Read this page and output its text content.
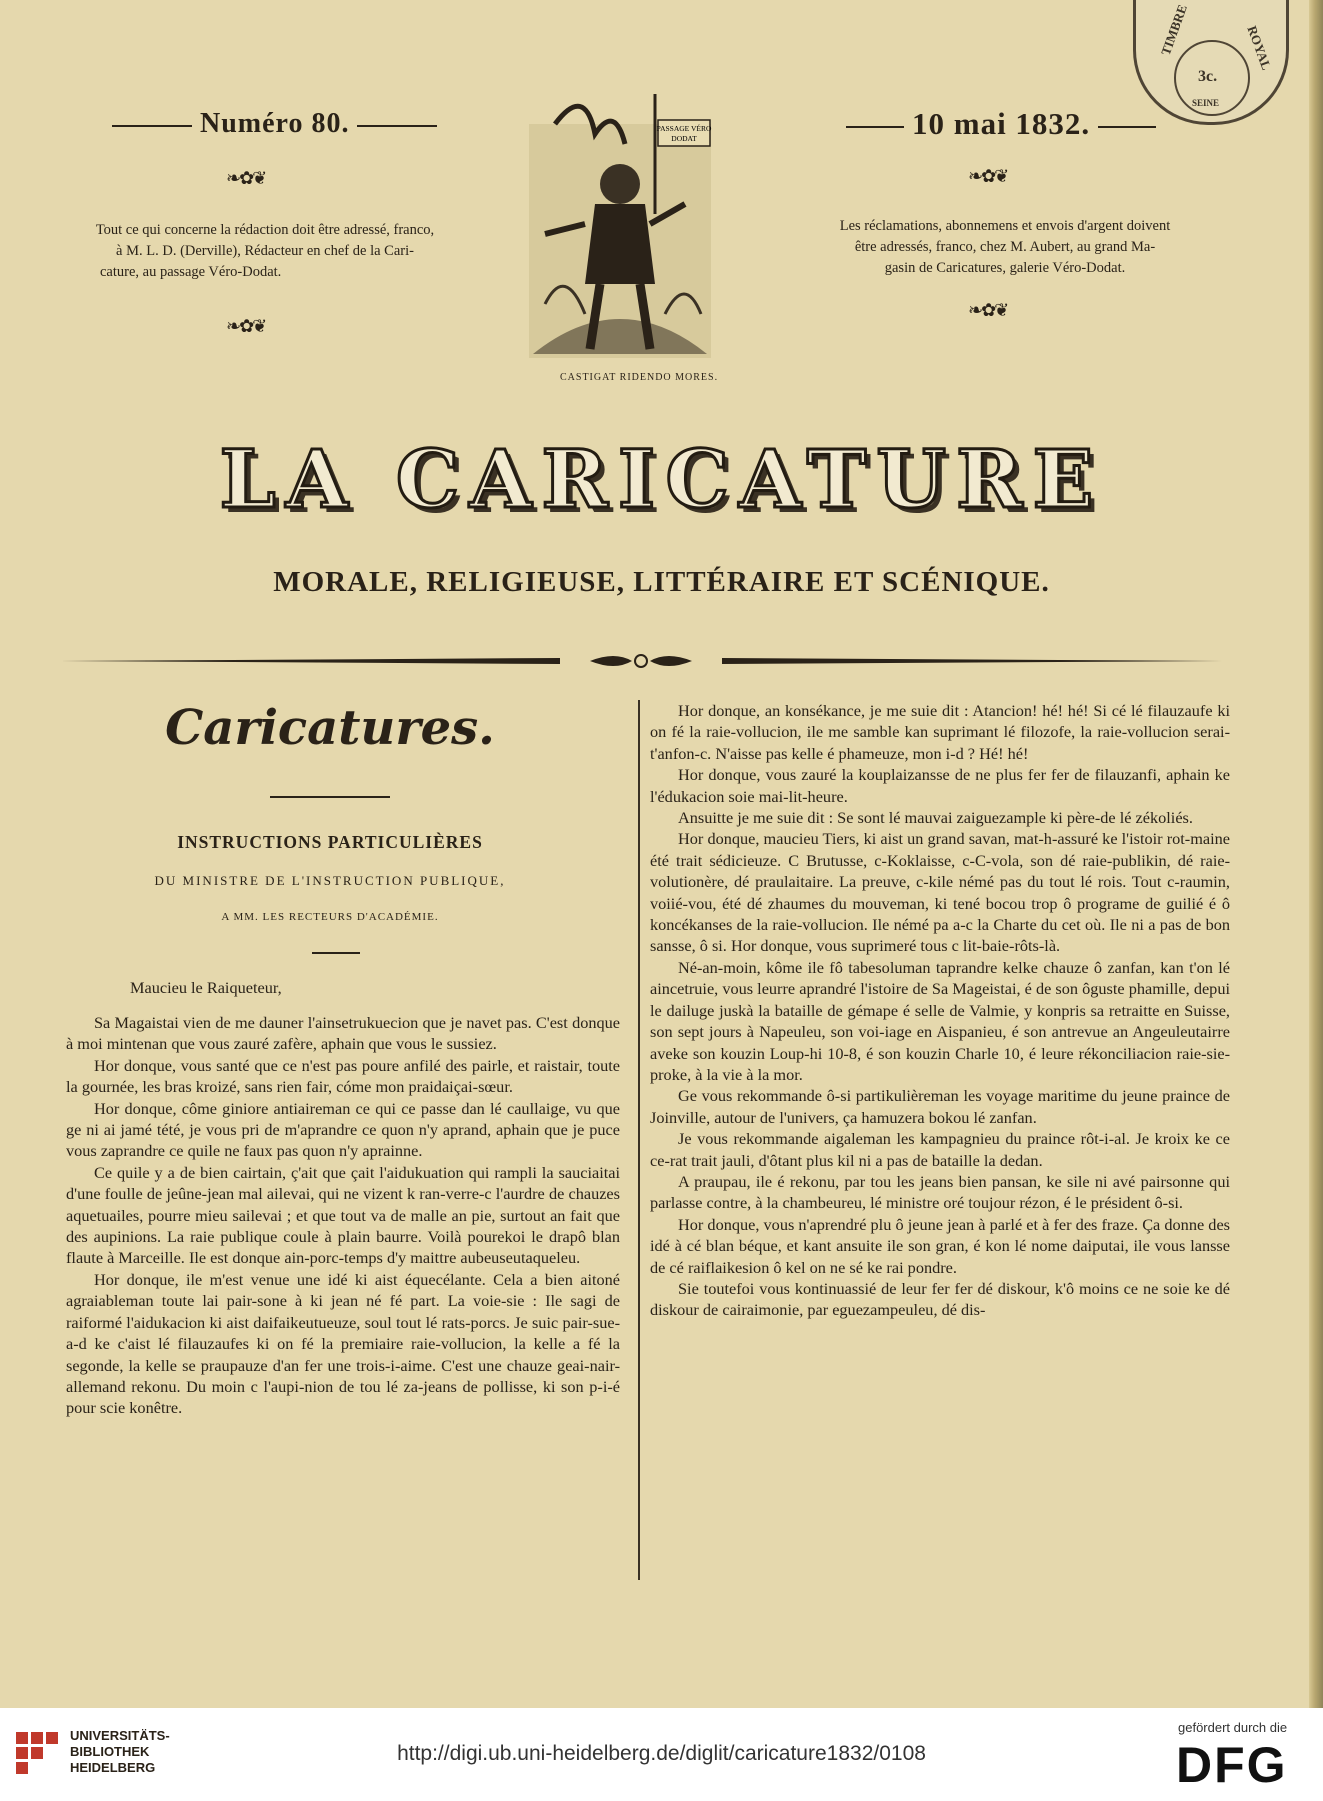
TIMBRE	ROYAL
3c.
SEINE
Numéro 80.	10 mai 1832.
❧✿❦	❧✿❦
Tout ce qui concerne la rédaction doit être adressé, franco,
à M. L. D. (Derville), Rédacteur en chef de la Cari-
cature, au passage Véro-Dodat.
Les réclamations, abonnemens et envois d'argent doivent
être adressés, franco, chez M. Aubert, au grand Ma-
gasin de Caricatures, galerie Véro-Dodat.
❧✿❦
❧✿❦
PASSAGE VÉRO
DODAT
CASTIGAT RIDENDO MORES.
LA CARICATURE
MORALE, RELIGIEUSE, LITTÉRAIRE ET SCÉNIQUE.
Caricatures.
INSTRUCTIONS PARTICULIÈRES
DU MINISTRE DE L'INSTRUCTION PUBLIQUE,
A MM. LES RECTEURS D'ACADÉMIE.
Maucieu le Raiqueteur,

Sa Magaistai vien de me dauner l'ainsetrukuecion que je navet pas. C'est donque à moi mintenan que vous zauré zafère, aphain que vous le sussiez.

Hor donque, vous santé que ce n'est pas poure anfilé des pairle, et raistair, toute la gournée, les bras kroizé, sans rien fair, cóme mon praidaiçai-sœur.

Hor donque, côme giniore antiaireman ce qui ce passe dan lé caullaige, vu que ge ni ai jamé tété, je vous pri de m'aprandre ce quon n'y aprand, aphain que je puce vous zaprandre ce quile ne faux pas quon n'y aprainne.

Ce quile y a de bien cairtain, ç'ait que çait l'aidukuation qui rampli la sauciaitai d'une foulle de jeûne-jean mal ailevai, qui ne vizent k ran-verre-c l'aurdre de chauzes aquetuailes, pourre mieu sailevai ; et que tout va de malle an pie, surtout an fait que des aupinions. La raie publique coule à plain baurre. Voilà pourekoi le drapô blan flaute à Marceille. Ile est donque ain-porc-temps d'y maittre aubeuseutaqueleu.

Hor donque, ile m'est venue une idé ki aist équecélante. Cela a bien aitoné agraiableman toute lai pair-sone à ki jean né fé part. La voie-sie : Ile sagi de raiformé l'aidukacion ki aist daifaikeutueuze, soul tout lé rats-porcs. Je suic pair-sue-a-d ke c'aist lé filauzaufes ki on fé la premiaire raie-vollucion, la kelle a fé la segonde, la kelle se praupauze d'an fer une trois-i-aime. C'est une chauze geai-nair-allemand rekonu. Du moin c l'aupi-nion de tou lé za-jeans de pollisse, ki son p-i-é pour scie konêtre.

Hor donque, an konsékance, je me suie dit : Atancion! hé! hé! Si cé lé filauzaufe ki on fé la raie-vollucion, ile me samble kan suprimant lé filozofe, la raie-vollucion serai-t'anfon-c. N'aisse pas kelle é phameuze, mon i-d ? Hé! hé!

Hor donque, vous zauré la kouplaizansse de ne plus fer fer de filauzanfi, aphain ke l'édukacion soie mai-lit-heure.

Ansuitte je me suie dit : Se sont lé mauvai zaiguezample ki père-de lé zékoliés.

Hor donque, maucieu Tiers, ki aist un grand savan, mat-h-assuré ke l'istoir rot-maine été trait sédicieuze. C Brutusse, c-Koklaisse, c-C-vola, son dé raie-publikin, dé raie-volutionère, dé praulaitaire. La preuve, c-kile némé pas du tout lé rois. Tout c-raumin, voiié-vou, été dé zhaumes du mouveman, ki tené bocou trop ô programe de guilié é ô koncékanses de la raie-vollucion. Ile némé pa a-c la Charte du cet où. Ile ni a pas de bon sansse, ô si. Hor donque, vous suprimeré tous c lit-baie-rôts-là.

Né-an-moin, kôme ile fô tabesoluman taprandre kelke chauze ô zanfan, kan t'on lé aincetruie, vous leurre aprandré l'istoire de Sa Mageistai, é de son ôguste phamille, depui le dailuge juskà la bataille de gémape é selle de Valmie, y konpris sa retraitte en Suisse, son sept jours à Napeuleu, son voi-iage en Aispanieu, é son antrevue an Angeuleutairre aveke son kouzin Loup-hi 10-8, é son kouzin Charle 10, é leure rékonciliacion raie-sie-proke, à la vie à la mor.

Ge vous rekommande ô-si partikulièreman les voyage maritime du jeune praince de Joinville, autour de l'univers, ça hamuzera bokou lé zanfan.

Je vous rekommande aigaleman les kampagnieu du praince rôt-i-al. Je kroix ke ce ce-rat trait jauli, d'ôtant plus kil ni a pas de bataille la dedan.

A praupau, ile é rekonu, par tou les jeans bien pansan, ke sile ni avé pairsonne qui parlasse contre, à la chambeureu, lé ministre oré toujour rézon, é le président ô-si.

Hor donque, vous n'aprendré plu ô jeune jean à parlé et à fer des fraze. Ça donne des idé à cé blan béque, et kant ansuite ile son gran, é kon lé nome daiputai, ile vous lansse de cé raiflaikesion ô kel on ne sé ke rai pondre.

Sie toutefoi vous kontinuassié de leur fer fer dé diskour, k'ô moins ce ne soie ke dé diskour de cairaimonie, par eguezampeuleu, dé dis-

UNIVERSITÄTS-
BIBLIOTHEK
HEIDELBERG
http://digi.ub.uni-heidelberg.de/diglit/caricature1832/0108
gefördert durch die
DFG
